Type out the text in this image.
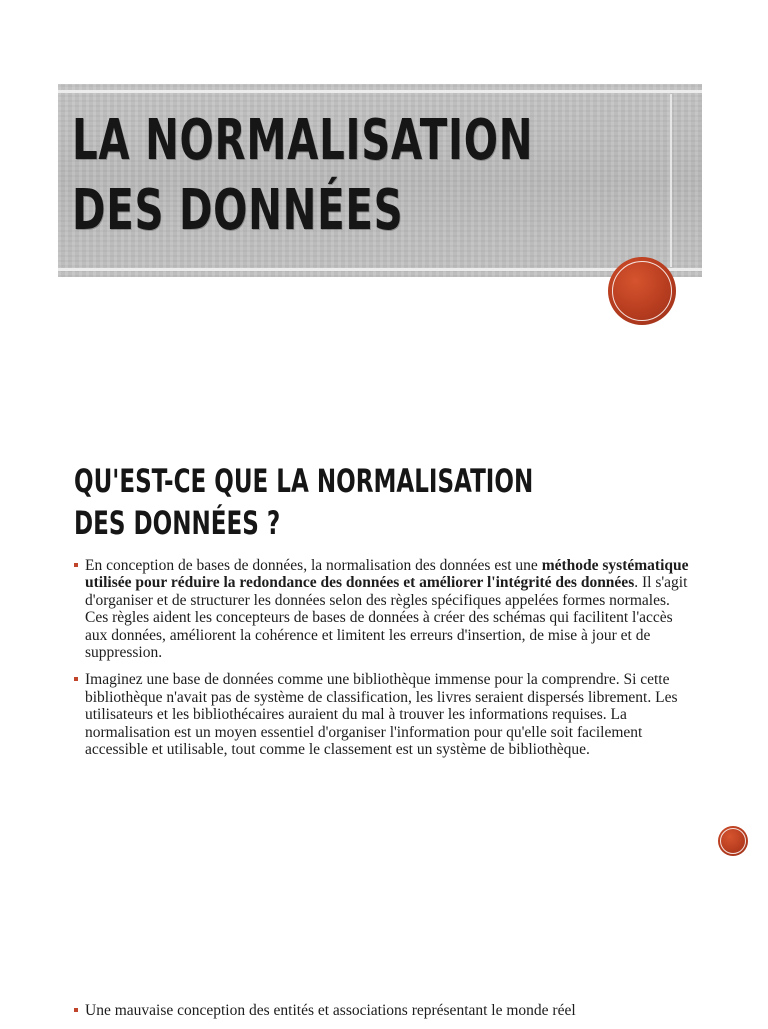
LA NORMALISATION
DES DONNÉES
QU'EST-CE QUE LA NORMALISATION
DES DONNÉES ?
En conception de bases de données, la normalisation des données est une méthode systématique utilisée pour réduire la redondance des données et améliorer l'intégrité des données. Il s'agit d'organiser et de structurer les données selon des règles spécifiques appelées formes normales. Ces règles aident les concepteurs de bases de données à créer des schémas qui facilitent l'accès aux données, améliorent la cohérence et limitent les erreurs d'insertion, de mise à jour et de suppression.
Imaginez une base de données comme une bibliothèque immense pour la comprendre. Si cette bibliothèque n'avait pas de système de classification, les livres seraient dispersés librement. Les utilisateurs et les bibliothécaires auraient du mal à trouver les informations requises. La normalisation est un moyen essentiel d'organiser l'information pour qu'elle soit facilement accessible et utilisable, tout comme le classement est un système de bibliothèque.
Une mauvaise conception des entités et associations représentant le monde réel
